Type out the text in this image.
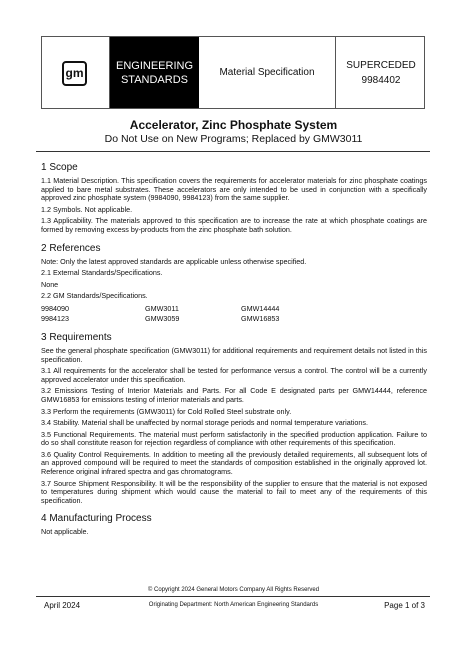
gm
ENGINEERING
STANDARDS
Material Specification
SUPERCEDED
9984402
Accelerator, Zinc Phosphate System
Do Not Use on New Programs; Replaced by GMW3011
1 Scope

1.1 Material Description. This specification covers the requirements for accelerator materials for zinc phosphate coatings applied to bare metal substrates. These accelerators are only intended to be used in conjunction with a specifically approved zinc phosphate system (9984090, 9984123) from the same supplier.

1.2 Symbols. Not applicable.

1.3 Applicability. The materials approved to this specification are to increase the rate at which phosphate coatings are formed by removing excess by-products from the zinc phosphate bath solution.

2 References

Note: Only the latest approved standards are applicable unless otherwise specified.

2.1 External Standards/Specifications.

None

2.2 GM Standards/Specifications.

9984090	GMW3011	GMW14444
9984123	GMW3059	GMW16853
3 Requirements

See the general phosphate specification (GMW3011) for additional requirements and requirement details not listed in this specification.

3.1 All requirements for the accelerator shall be tested for performance versus a control. The control will be a currently approved accelerator under this specification.

3.2 Emissions Testing of Interior Materials and Parts. For all Code E designated parts per GMW14444, reference GMW16853 for emissions testing of interior materials and parts.

3.3 Perform the requirements (GMW3011) for Cold Rolled Steel substrate only.

3.4 Stability. Material shall be unaffected by normal storage periods and normal temperature variations.

3.5 Functional Requirements. The material must perform satisfactorily in the specified production application. Failure to do so shall constitute reason for rejection regardless of compliance with other requirements of this specification.

3.6 Quality Control Requirements. In addition to meeting all the previously detailed requirements, all subsequent lots of an approved compound will be required to meet the standards of composition established in the originally approved lot. Reference original infrared spectra and gas chromatograms.

3.7 Source Shipment Responsibility. It will be the responsibility of the supplier to ensure that the material is not exposed to temperatures during shipment which would cause the material to fail to meet any of the requirements of this specification.

4 Manufacturing Process

Not applicable.

© Copyright 2024 General Motors Company All Rights Reserved
April 2024	Originating Department: North American Engineering Standards	Page 1 of 3
